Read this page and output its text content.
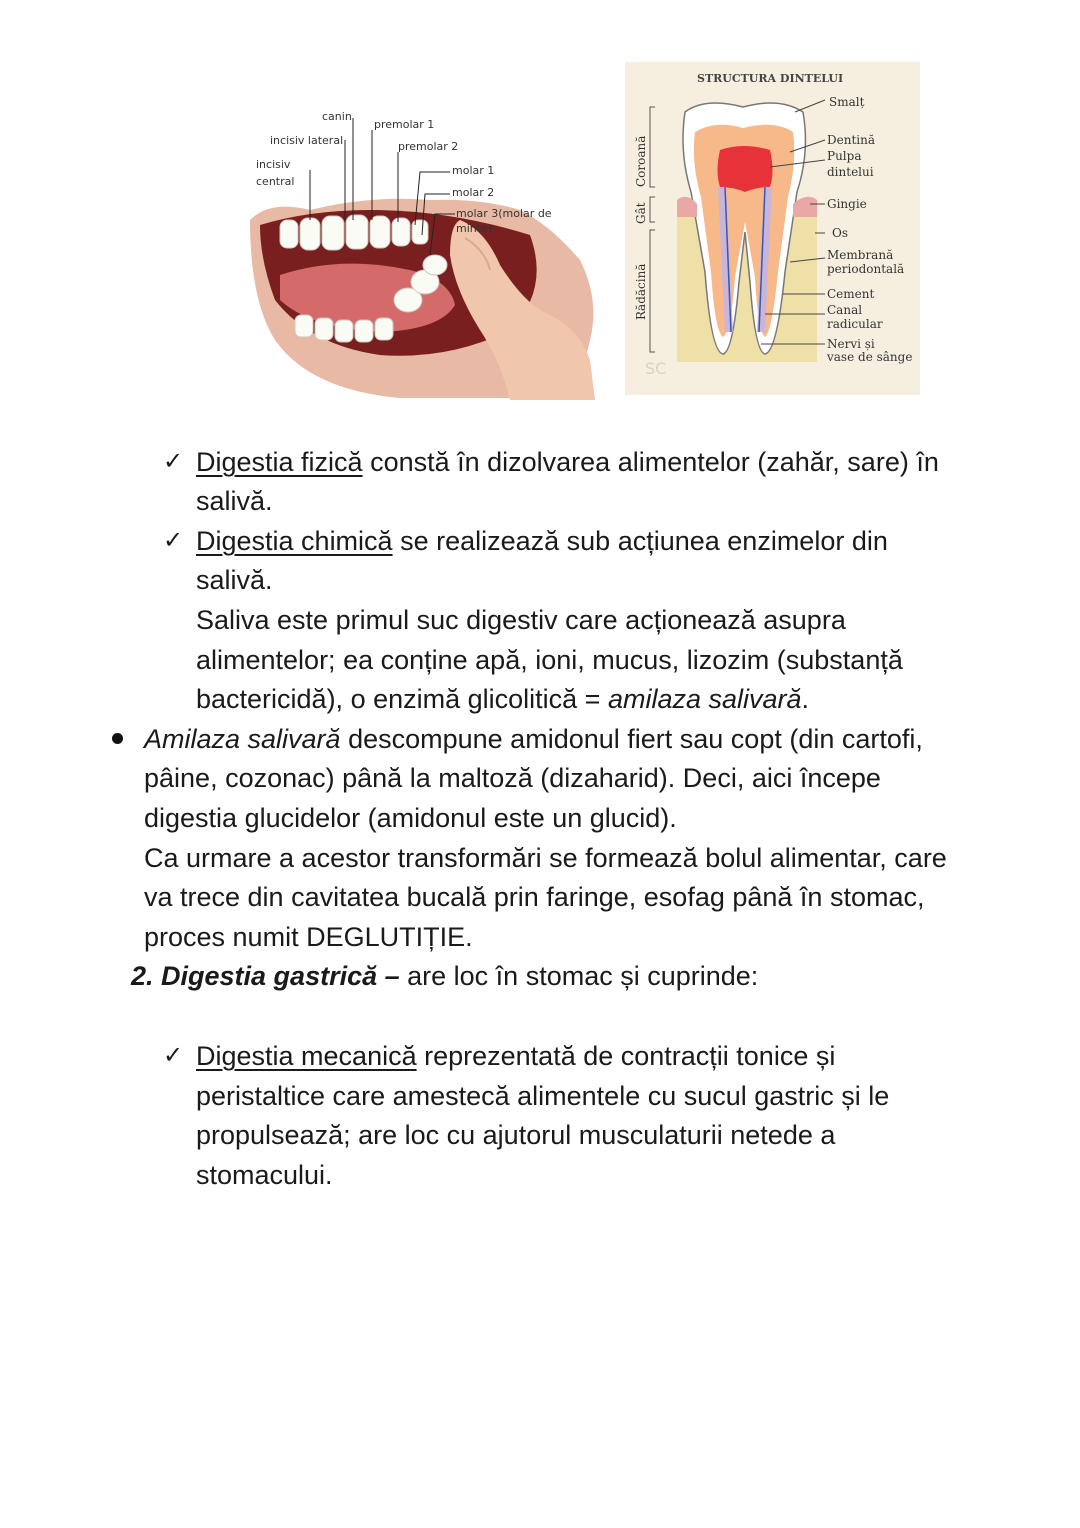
canin
incisiv lateral
incisiv
central
premolar 1
premolar 2
molar 1
molar 2
molar 3(molar de
minte)
STRUCTURA DINTELUI
Coroană
Gât
Rădăcină
Smalț
Dentină
Pulpa
dintelui
Gingie
Os
Membrană
periodontală
Cement
Canal
radicular
Nervi și
vase de sânge
SC
✓ Digestia fizică constă în dizolvarea alimentelor (zahăr, sare) în
salivă.
✓ Digestia chimică se realizează sub acțiunea enzimelor din
salivă.
Saliva este primul suc digestiv care acționează asupra
alimentelor; ea conține apă, ioni, mucus, lizozim (substanță
bactericidă), o enzimă glicolitică = amilaza salivară.
Amilaza salivară descompune amidonul fiert sau copt (din cartofi,
pâine, cozonac) până la maltoză (dizaharid). Deci, aici începe
digestia glucidelor (amidonul este un glucid).
Ca urmare a acestor transformări se formează bolul alimentar, care
va trece din cavitatea bucală prin faringe, esofag până în stomac,
proces numit DEGLUTIȚIE.
2. Digestia gastrică – are loc în stomac și cuprinde:
✓ Digestia mecanică reprezentată de contracții tonice și
peristaltice care amestecă alimentele cu sucul gastric și le
propulsează; are loc cu ajutorul musculaturii netede a
stomacului.
